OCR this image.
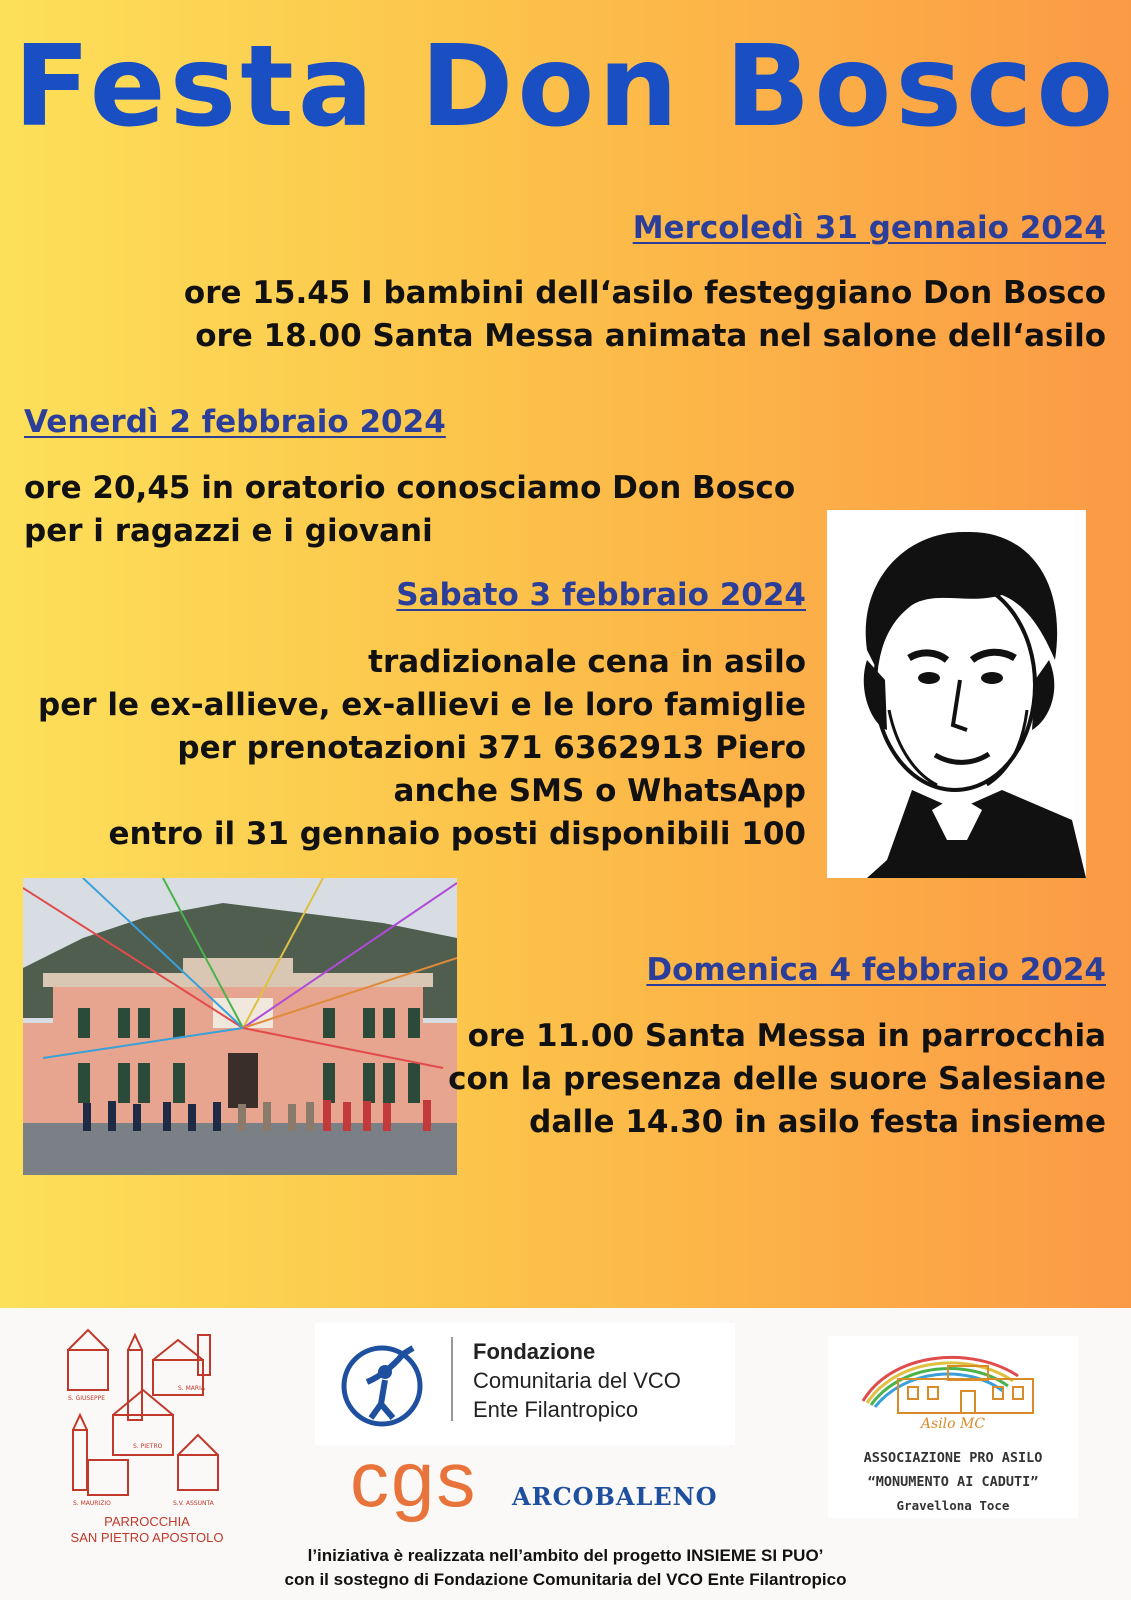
Festa Don Bosco
Mercoledì 31 gennaio 2024
ore 15.45 I bambini dell‘asilo festeggiano Don Bosco
ore 18.00 Santa Messa animata nel salone dell‘asilo
Venerdì 2 febbraio 2024
ore 20,45 in oratorio conosciamo Don Bosco
per i ragazzi e i giovani
Sabato 3 febbraio 2024
tradizionale cena in asilo
per le ex-allieve, ex-allievi e le loro famiglie
per prenotazioni 371 6362913 Piero
anche SMS o WhatsApp
entro il 31 gennaio posti disponibili 100
Domenica 4 febbraio 2024
ore 11.00 Santa Messa in parrocchia
con la presenza delle suore Salesiane
dalle 14.30 in asilo festa insieme
S. GIUSEPPE
S. MARIA
S. PIETRO
S. MAURIZIO	S.V. ASSUNTA
PARROCCHIA
SAN PIETRO APOSTOLO
Fondazione
Comunitaria del VCO
Ente Filantropico
cgs ARCOBALENO
Asilo MC
ASSOCIAZIONE PRO ASILO
“MONUMENTO AI CADUTI”
Gravellona Toce
l’iniziativa è realizzata nell’ambito del progetto INSIEME SI PUO’
con il sostegno di Fondazione Comunitaria del VCO Ente Filantropico
